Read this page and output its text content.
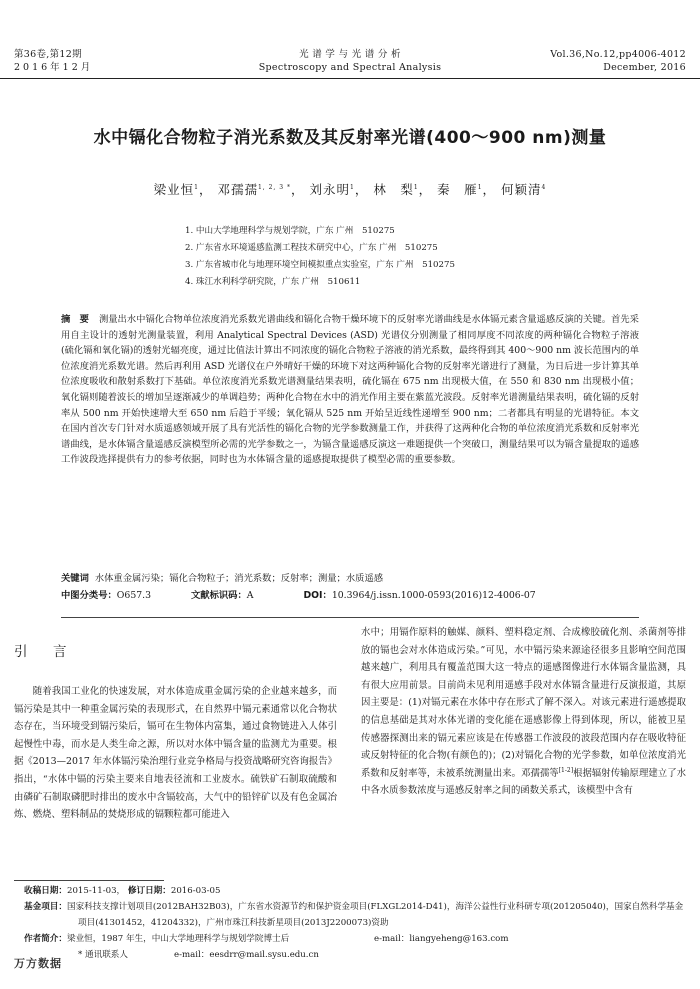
第36卷,第12期
2016年12月
光 谱 学 与 光 谱 分 析
Spectroscopy and Spectral Analysis
Vol.36,No.12,pp4006-4012
December, 2016
水中镉化合物粒子消光系数及其反射率光谱(400～900 nm)测量
梁业恒$^1$， 邓孺孺$^{1, 2, 3 *}$， 刘永明$^1$， 林　梨$^1$， 秦　雁$^1$， 何颖清$^4$
1. 中山大学地理科学与规划学院，广东 广州　510275
2. 广东省水环境遥感监测工程技术研究中心，广东 广州　510275
3. 广东省城市化与地理环境空间模拟重点实验室，广东 广州　510275
4. 珠江水利科学研究院，广东 广州　510611
摘　要 测量出水中镉化合物单位浓度消光系数光谱曲线和镉化合物干燥环境下的反射率光谱曲线是水体镉元素含量遥感反演的关键。首先采用自主设计的透射光测量装置，利用 Analytical Spectral Devices (ASD) 光谱仪分别测量了相同厚度不同浓度的两种镉化合物粒子溶液(硫化镉和氧化镉)的透射光辐亮度，通过比值法计算出不同浓度的镉化合物粒子溶液的消光系数，最终得到其 400～900 nm 波长范围内的单位浓度消光系数光谱。然后再利用 ASD 光谱仪在户外晴好干燥的环境下对这两种镉化合物的反射率光谱进行了测量，为日后进一步计算其单位浓度吸收和散射系数打下基础。单位浓度消光系数光谱测量结果表明，硫化镉在 675 nm 出现极大值，在 550 和 830 nm 出现极小值；氧化镉则随着波长的增加呈逐渐减少的单调趋势；两种化合物在水中的消光作用主要在紫蓝光波段。反射率光谱测量结果表明，硫化镉的反射率从 500 nm 开始快速增大至 650 nm 后趋于平缓；氧化镉从 525 nm 开始呈近线性递增至 900 nm；二者都具有明显的光谱特征。本文在国内首次专门针对水质遥感领域开展了具有光活性的镉化合物的光学参数测量工作，并获得了这两种化合物的单位浓度消光系数和反射率光谱曲线，是水体镉含量遥感反演模型所必需的光学参数之一，为镉含量遥感反演这一难题提供一个突破口，测量结果可以为镉含量提取的遥感工作波段选择提供有力的参考依据，同时也为水体镉含量的遥感提取提供了模型必需的重要参数。
关键词 水体重金属污染；镉化合物粒子；消光系数；反射率；测量；水质遥感
中图分类号：O657.3	文献标识码：A	DOI：10.3964/j.issn.1000-0593(2016)12-4006-07
引　言

随着我国工业化的快速发展，对水体造成重金属污染的企业越来越多，而镉污染是其中一种重金属污染的表现形式，在自然界中镉元素通常以化合物状态存在，当环境受到镉污染后，镉可在生物体内富集，通过食物链进入人体引起慢性中毒，而水是人类生命之源，所以对水体中镉含量的监测尤为重要。根据《2013—2017 年水体镉污染治理行业竞争格局与投资战略研究咨询报告》指出，“水体中镉的污染主要来自地表径流和工业废水。硫铁矿石制取硫酸和由磷矿石制取磷肥时排出的废水中含镉较高，大气中的铅锌矿以及有色金属冶炼、燃烧、塑料制品的焚烧形成的镉颗粒都可能进入

水中；用镉作原料的触媒、颜料、塑料稳定剂、合成橡胶硫化剂、杀菌剂等排放的镉也会对水体造成污染。”可见，水中镉污染来源途径很多且影响空间范围越来越广，利用具有覆盖范围大这一特点的遥感图像进行水体镉含量监测，具有很大应用前景。目前尚未见利用遥感手段对水体镉含量进行反演报道，其原因主要是：(1)对镉元素在水体中存在形式了解不深入。对该元素进行遥感提取的信息基础是其对水体光谱的变化能在遥感影像上得到体现，所以，能被卫星传感器探测出来的镉元素应该是在传感器工作波段的波段范围内存在吸收特征或反射特征的化合物(有颜色的)；(2)对镉化合物的光学参数，如单位浓度消光系数和反射率等，未被系统测量出来。邓孺孺等[1-2]根据辐射传输原理建立了水中各水质参数浓度与遥感反射率之间的函数关系式，该模型中含有

收稿日期：2015-11-03， 修订日期：2016-03-05
基金项目：国家科技支撑计划项目(2012BAH32B03)，广东省水资源节约和保护资金项目(FLXGL2014-D41)，海洋公益性行业科研专项(201205040)，国家自然科学基金项目(41301452，41204332)，广州市珠江科技新星项目(2013J2200073)资助
作者简介：梁业恒，1987 年生，中山大学地理科学与规划学院博士后	e-mail：liangyeheng@163.com
* 通讯联系人	e-mail：eesdrr@mail.sysu.edu.cn
万方数据
